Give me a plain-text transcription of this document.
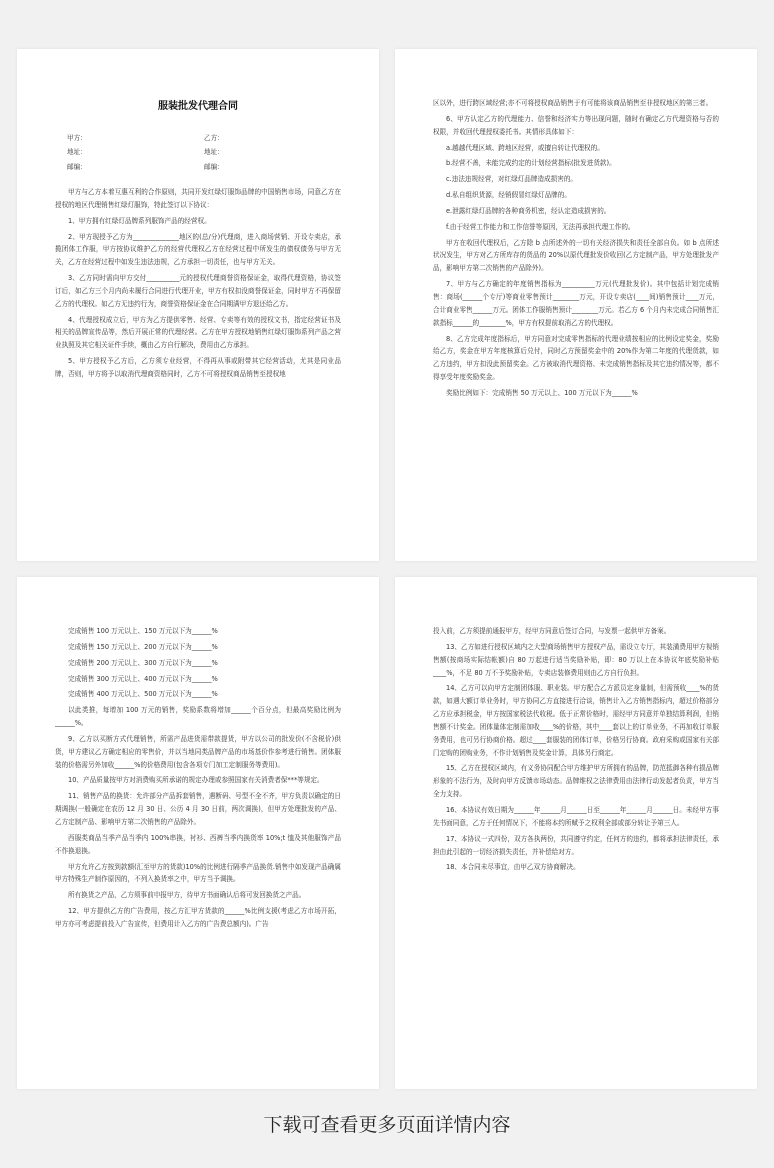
服装批发代理合同
甲方：	乙方：
地址：	地址：
邮编：	邮编：

甲方与乙方本着互惠互利的合作原则，共同开发红绿灯服饰品牌的中国销售市场，同意乙方在授权的地区代理销售红绿灯服饰，特此签订以下协议：

1、甲方拥有红绿灯品牌系列服饰产品的经营权。

2、甲方现授予乙方为______________地区的(总/分)代理商，进入商场营销、开设专卖店，承揽团体工作服，甲方按协议维护乙方的经营代理权乙方在经营过程中所发生的债权债务与甲方无关，乙方在经营过程中如发生违法违规，乙方承担一切责任，也与甲方无关。

3、乙方同时需向甲方交付__________元的授权代理商誉资格保证金，取得代理资格，协议签订后，如乙方三个月内尚未履行合同进行代理开业，甲方有权扣没商誉保证金，同时甲方不再保留乙方的代理权。如乙方无违约行为，商誉资格保证金在合同期满甲方退还给乙方。

4、代理授权成立后，甲方为乙方提供零售、经营、专卖等有效的授权文书，指定经营证书及相关的品牌宣传品等，然后开展正常的代理经营。乙方在甲方授权地销售红绿灯服饰系列产品之营业执照及其它相关证件手续，概由乙方自行解决，费用由乙方承担。

5、甲方授权予乙方后，乙方须专业经营，不得再从事或附带其它经营活动，尤其是同业品牌，否则，甲方将予以取消代理商资格同时，乙方不可将授权商品销售至授权地

区以外，进行跨区域经营;亦不可将授权商品销售于有可能将该商品销售至非授权地区的第三者。

6、甲方认定乙方的代理能力、信誉和经济实力等出现问题，随时有确定乙方代理资格与否的权限，并收回代理授权委托书。其情形具体如下：

a.越越代理区域、跨地区经营，或擅自转让代理权的。

b.经营不善，未能完成约定的计划经营指标(批发进货款)。

c.违法违规经营，对红绿灯品牌造成损害的。

d.私自组织货源，经销假冒红绿灯品牌的。

e.泄露红绿灯品牌的各种商务机密，经认定造成损害的。

f.由于经营工作能力和工作信誉等原因，无法再承担代理工作的。

甲方在收回代理权后，乙方除 b 点所述外的一切有关经济损失和责任全部自负。如 b 点所述状况发生，甲方对乙方所库存的货品的 20%以原代理批发价收回(乙方定制产品，甲方处理批发产品，影响甲方第二次销售的产品除外)。

7、甲方与乙方确定的年度销售指标为__________万元(代理批发价)。其中包括计划完成销售：商场(______个专厅)等商业零售预计________万元，开设专卖店(____间)销售预计____万元，合计商业零售______万元。团体工作服销售预计________万元。若乙方 6 个月内未完成合同销售汇款指标______的________%，甲方有权提前取消乙方的代理权。

8、乙方完成年度指标后，甲方同意对完成零售指标的代理业绩按相应的比例设定奖金，奖励给乙方，奖金在甲方年度核算后兑付，同时乙方预留奖金中的 20%作为第二年度的代理货款，如乙方违约，甲方扣没此预留奖金。乙方被取消代理资格、未完成销售指标及其它违约情况等，都不得享受年度奖励奖金。

奖励比例如下：完成销售 50 万元以上、100 万元以下为______%

完成销售 100 万元以上、150 万元以下为______%

完成销售 150 万元以上、200 万元以下为______%

完成销售 200 万元以上、300 万元以下为______%

完成销售 300 万元以上、400 万元以下为______%

完成销售 400 万元以上、500 万元以下为______%

以此类推，每增加 100 万元的销售，奖励系数将增加______个百分点，但最高奖励比例为______%。

9、乙方以买断方式代理销售，所需产品进货需带款提货，甲方以公司的批发价(不含税价)供货，甲方建议乙方确定相应的零售价，并以当地同类品牌产品的市场基价作参考进行销售。团体服装的价格需另外加收______%的价格费用(包含各项专门加工定制服务等费用)。

10、产品质量按甲方对消费购买所承诺的规定办理或参照国家有关消费者保***等规定。

11、销售产品的换货：允许部分产品拆套销售，遇断码、号型不全不齐，甲方负责以确定的日期调换(一般确定在农历 12 月 30 日、公历 4 月 30 日前，两次调换)，但甲方处理批发的产品、乙方定制产品、影响甲方第二次销售的产品除外。

西服类商品当季产品当季内 100%串换，衬衫、西裤当季内换货率 10%;t 恤及其他服饰产品不作换退换。

甲方允许乙方按到款额(汇至甲方的货款)10%的比例进行隔季产品换货.销售中如发现产品确属甲方特殊生产制作原因的，不列入换货率之中，甲方当予调换。

所有换货之产品，乙方须事前申报甲方，待甲方书面确认后将可发回换货之产品。

12、甲方提供乙方的广告费用，按乙方汇甲方货款的______%比例支援(考虑乙方市场开拓，甲方亦可考虑提前投入广告宣传，但费用计入乙方的广告费总额内)。广告

投入前，乙方须提前通报甲方，经甲方同意后签订合同，与发票一起供甲方备案。

13、乙方如进行授权区域内之大型商场销售甲方授权产品，需设立专厅，其装潢费用甲方视销售额(按商场实际结帐额)自 80 万起进行适当奖励补贴，即：80 万以上在本协议年底奖励补贴____%，不足 80 万不予奖励补贴，专卖店装修费用则由乙方自行负担。

14、乙方可以向甲方定制团体服、职业装。甲方配合乙方派员定身量制，但需预收____%的货款，如遇大额订单业务时，甲方协同乙方直接进行洽谈，销售计入乙方销售指标内，超过价格部分乙方应承担税金，甲方按国家税法代收税。低于正常价格时，需经甲方同意并单独结算利润，但销售额不计奖金。团体量体定制需加收____%的价格，其中____套以上的订单业务，不再加收订单服务费用，也可另行协商价格。超过____套服装的团体订单，价格另行协商。政府采购或国家有关部门定购的团购业务，不作计划销售及奖金计算，具体另行商定。

15、乙方在授权区域内，有义务协同配合甲方维护甲方所拥有的品牌，防范抵御各种有损品牌形象的不法行为，及时向甲方反馈市场动态。品牌维权之法律费用由法律行动发起者负责，甲方当全力支持。

16、本协议有效日期为______年______月______日至______年______月______日。未经甲方事先书面同意，乙方于任何情况下，不能将本约所赋予之权利全部或部分转让予第三人。

17、本协议一式四份，双方各执两份，共同遵守约定，任何方的违约，都将承担法律责任，承担由此引起的一切经济损失责任，并补偿给对方。

18、本合同未尽事宜，由甲乙双方协商解决。

下载可查看更多页面详情内容
